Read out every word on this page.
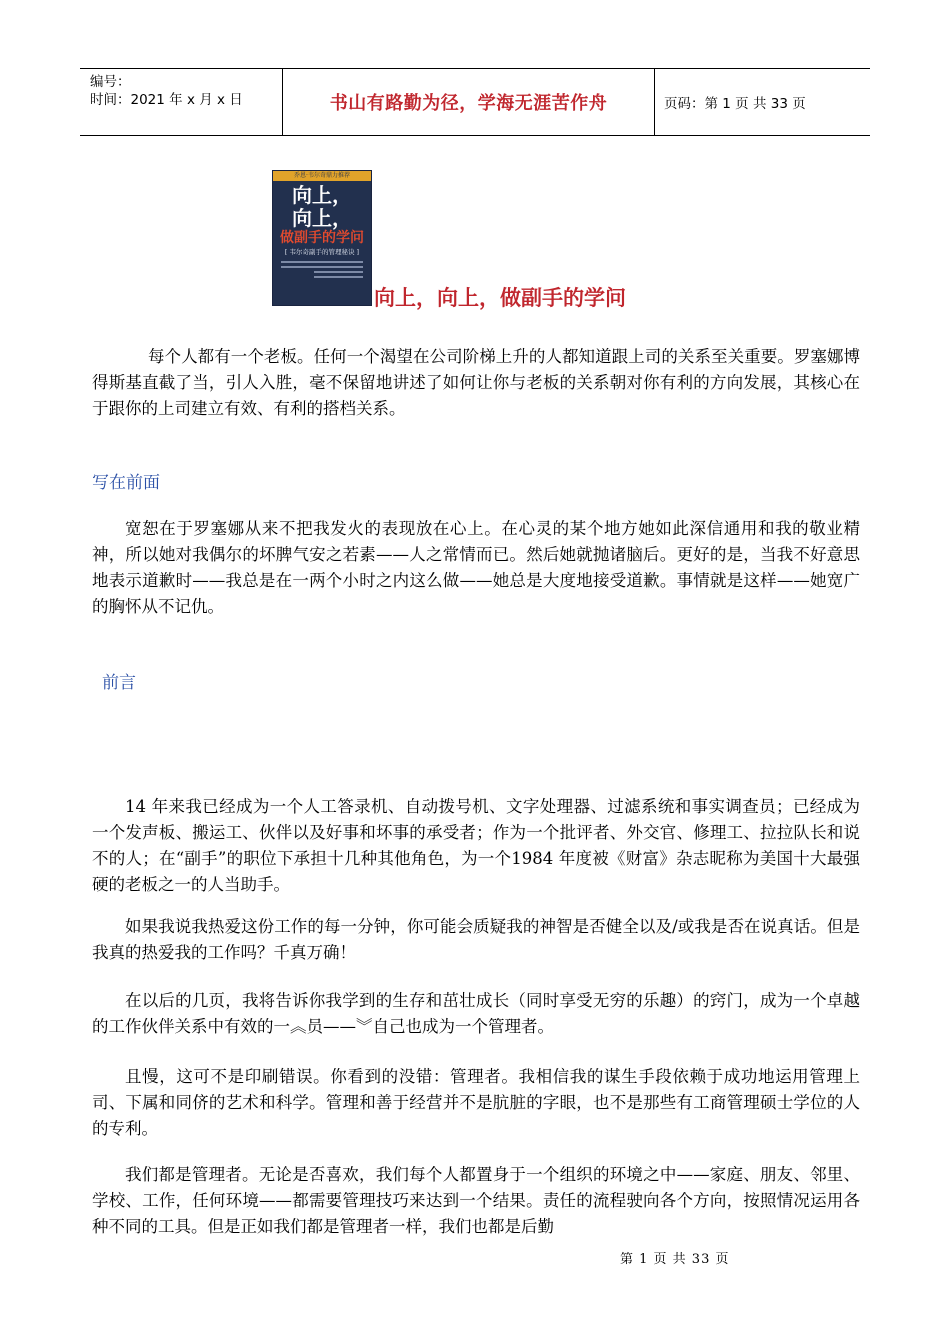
编号：
时间：2021 年 x 月 x 日	书山有路勤为径，学海无涯苦作舟	页码：第 1 页 共 33 页
乔恩·韦尔奇鼎力推荐
向上，
向上，
做副手的学问
[ 韦尔奇副手的管理秘诀 ]
向上，向上，做副手的学问

每个人都有一个老板。任何一个渴望在公司阶梯上升的人都知道跟上司的关系至关重要。罗塞娜博得斯基直截了当，引人入胜，毫不保留地讲述了如何让你与老板的关系朝对你有利的方向发展，其核心在于跟你的上司建立有效、有利的搭档关系。

写在前面

宽恕在于罗塞娜从来不把我发火的表现放在心上。在心灵的某个地方她如此深信通用和我的敬业精神，所以她对我偶尔的坏脾气安之若素——人之常情而已。然后她就抛诸脑后。更好的是，当我不好意思地表示道歉时——我总是在一两个小时之内这么做——她总是大度地接受道歉。事情就是这样——她宽广的胸怀从不记仇。

前言

14 年来我已经成为一个人工答录机、自动拨号机、文字处理器、过滤系统和事实调查员；已经成为一个发声板、搬运工、伙伴以及好事和坏事的承受者；作为一个批评者、外交官、修理工、拉拉队长和说不的人；在“副手”的职位下承担十几种其他角色，为一个1984 年度被《财富》杂志昵称为美国十大最强硬的老板之一的人当助手。

如果我说我热爱这份工作的每一分钟，你可能会质疑我的神智是否健全以及/或我是否在说真话。但是我真的热爱我的工作吗？千真万确！

在以后的几页，我将告诉你我学到的生存和茁壮成长（同时享受无穷的乐趣）的窍门，成为一个卓越的工作伙伴关系中有效的一︽员——︾自己也成为一个管理者。

且慢，这可不是印刷错误。你看到的没错：管理者。我相信我的谋生手段依赖于成功地运用管理上司、下属和同侪的艺术和科学。管理和善于经营并不是肮脏的字眼，也不是那些有工商管理硕士学位的人的专利。

我们都是管理者。无论是否喜欢，我们每个人都置身于一个组织的环境之中——家庭、朋友、邻里、学校、工作，任何环境——都需要管理技巧来达到一个结果。责任的流程驶向各个方向，按照情况运用各种不同的工具。但是正如我们都是管理者一样，我们也都是后勤

第 1 页 共 33 页
